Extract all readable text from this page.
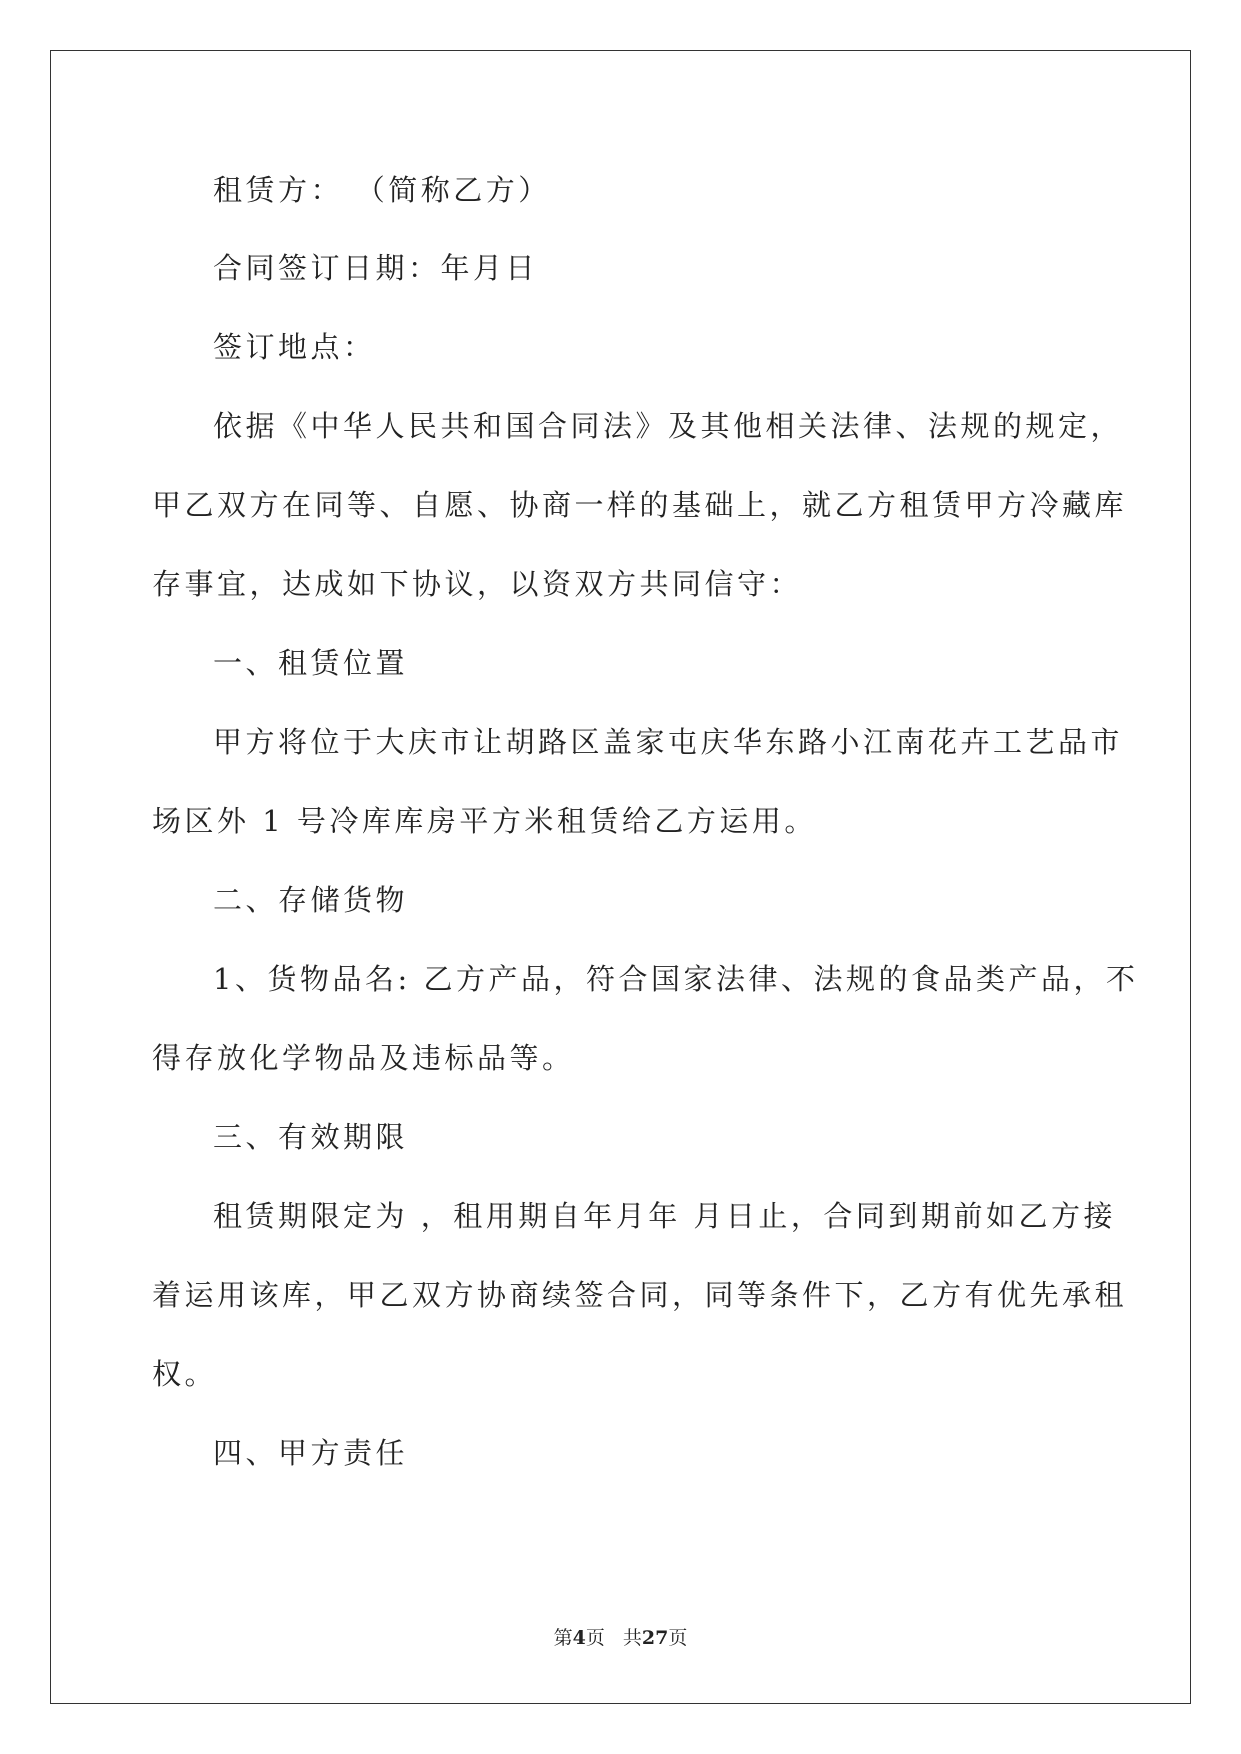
租赁方： （简称乙方）

合同签订日期：年月日

签订地点：

依据《中华人民共和国合同法》及其他相关法律、法规的规定，

甲乙双方在同等、自愿、协商一样的基础上，就乙方租赁甲方冷藏库

存事宜，达成如下协议，以资双方共同信守：

一、租赁位置

甲方将位于大庆市让胡路区盖家屯庆华东路小江南花卉工艺品市

场区外 1 号冷库库房平方米租赁给乙方运用。

二、存储货物

1、货物品名: 乙方产品，符合国家法律、法规的食品类产品，不

得存放化学物品及违标品等。

三、有效期限

租赁期限定为 ，租用期自年月年 月日止，合同到期前如乙方接

着运用该库，甲乙双方协商续签合同，同等条件下，乙方有优先承租

权。

四、甲方责任

第4页 共27页
